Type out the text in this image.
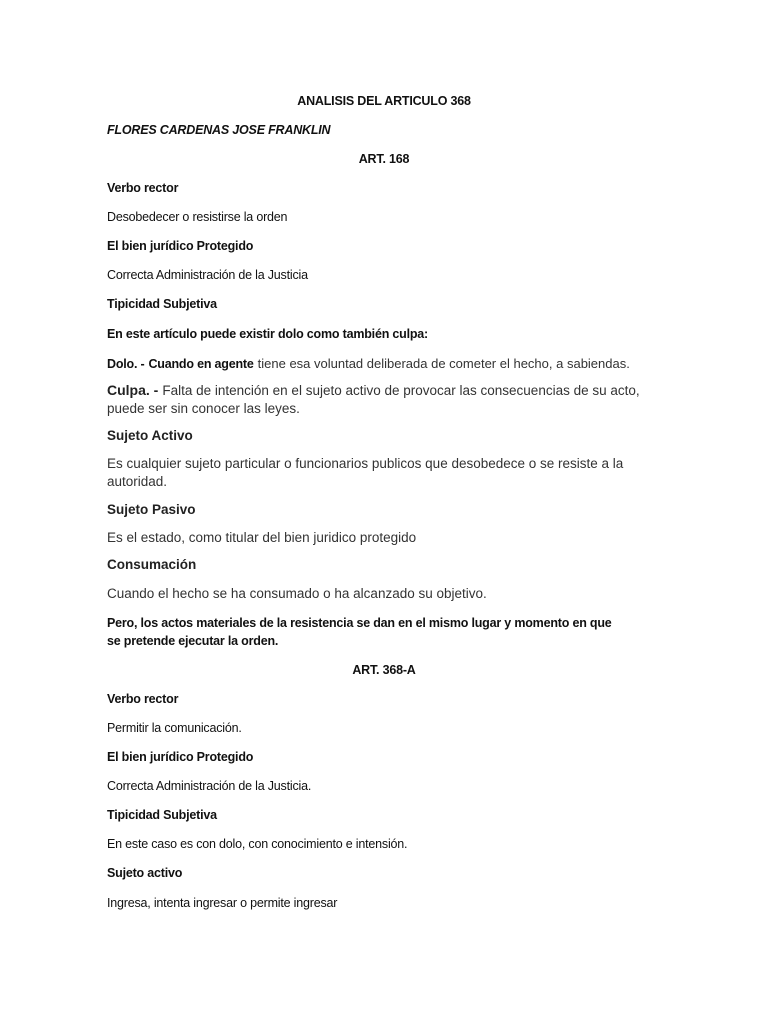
ANALISIS DEL ARTICULO 368

FLORES CARDENAS JOSE FRANKLIN

ART. 168

Verbo rector

Desobedecer o resistirse la orden

El bien jurídico Protegido

Correcta Administración de la Justicia

Tipicidad Subjetiva

En este artículo puede existir dolo como también culpa:

Dolo. - Cuando en agente tiene esa voluntad deliberada de cometer el hecho, a sabiendas.

Culpa. - Falta de intención en el sujeto activo de provocar las consecuencias de su acto, puede ser sin conocer las leyes.

Sujeto Activo

Es cualquier sujeto particular o funcionarios publicos que desobedece o se resiste a la autoridad.

Sujeto Pasivo

Es el estado, como titular del bien juridico protegido

Consumación

Cuando el hecho se ha consumado o ha alcanzado su objetivo.

Pero, los actos materiales de la resistencia se dan en el mismo lugar y momento en que se pretende ejecutar la orden.

ART. 368-A

Verbo rector

Permitir la comunicación.

El bien jurídico Protegido

Correcta Administración de la Justicia.

Tipicidad Subjetiva

En este caso es con dolo, con conocimiento e intensión.

Sujeto activo

Ingresa, intenta ingresar o permite ingresar
